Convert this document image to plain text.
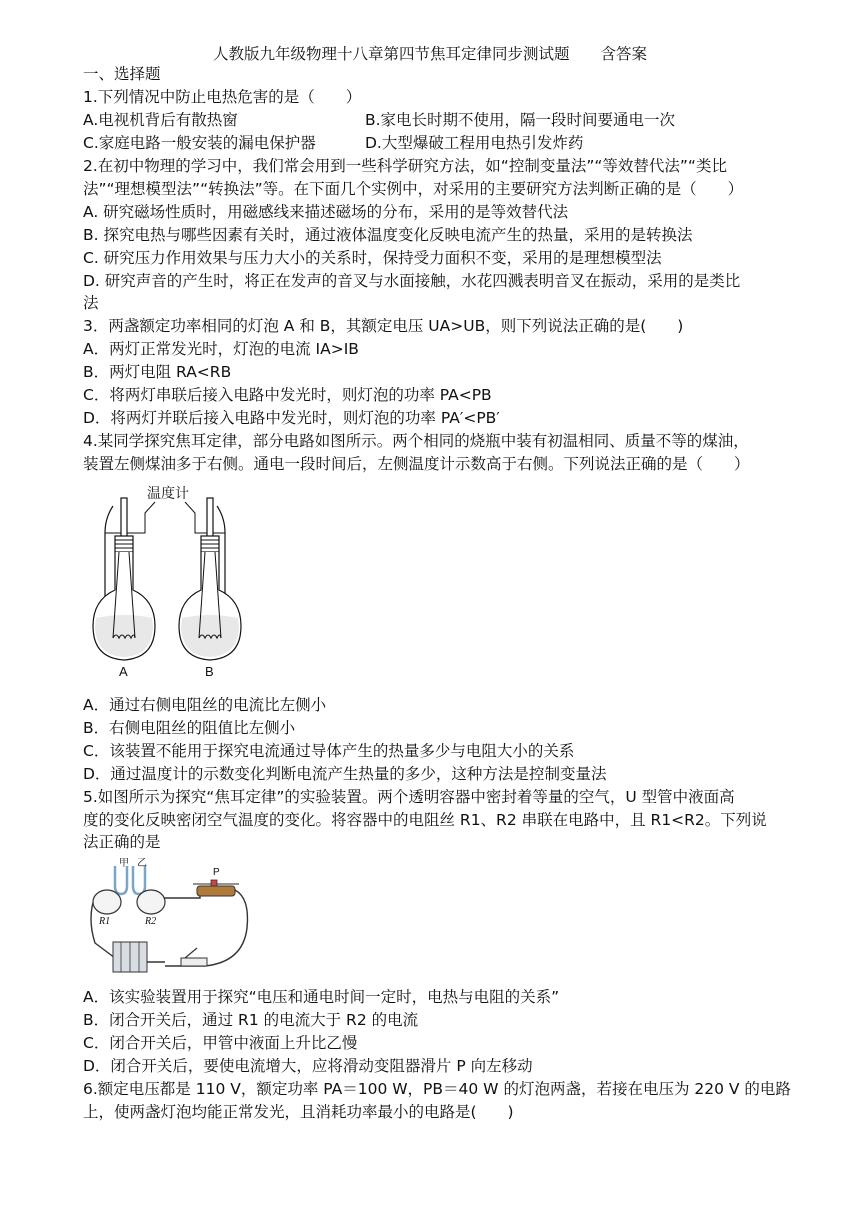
人教版九年级物理十八章第四节焦耳定律同步测试题　　含答案
一、选择题
1.下列情况中防止电热危害的是（　　）
A.电视机背后有散热窗	B.家电长时期不使用，隔一段时间要通电一次
C.家庭电路一般安装的漏电保护器	D.大型爆破工程用电热引发炸药
2.在初中物理的学习中，我们常会用到一些科学研究方法，如“控制变量法”“等效替代法”“类比
法”“理想模型法”“转换法”等。在下面几个实例中，对采用的主要研究方法判断正确的是（　　）
A. 研究磁场性质时，用磁感线来描述磁场的分布，采用的是等效替代法
B. 探究电热与哪些因素有关时，通过液体温度变化反映电流产生的热量，采用的是转换法
C. 研究压力作用效果与压力大小的关系时，保持受力面积不变，采用的是理想模型法
D. 研究声音的产生时，将正在发声的音叉与水面接触，水花四溅表明音叉在振动，采用的是类比
法
3．两盏额定功率相同的灯泡 A 和 B，其额定电压 UA>UB，则下列说法正确的是(　　)
A．两灯正常发光时，灯泡的电流 IA>IB
B．两灯电阻 RA<RB
C．将两灯串联后接入电路中发光时，则灯泡的功率 PA<PB
D．将两灯并联后接入电路中发光时，则灯泡的功率 PA′<PB′
4.某同学探究焦耳定律，部分电路如图所示。两个相同的烧瓶中装有初温相同、质量不等的煤油，
装置左侧煤油多于右侧。通电一段时间后，左侧温度计示数高于右侧。下列说法正确的是（　　）
温度计
A	B
A．通过右侧电阻丝的电流比左侧小
B．右侧电阻丝的阻值比左侧小
C．该装置不能用于探究电流通过导体产生的热量多少与电阻大小的关系
D．通过温度计的示数变化判断电流产生热量的多少，这种方法是控制变量法
5.如图所示为探究“焦耳定律”的实验装置。两个透明容器中密封着等量的空气，U 型管中液面高
度的变化反映密闭空气温度的变化。将容器中的电阻丝 R1、R2 串联在电路中，且 R1<R2。下列说
法正确的是
甲 乙
R1	R2
P
A．该实验装置用于探究“电压和通电时间一定时，电热与电阻的关系”
B．闭合开关后，通过 R1 的电流大于 R2 的电流
C．闭合开关后，甲管中液面上升比乙慢
D．闭合开关后，要使电流增大，应将滑动变阻器滑片 P 向左移动
6.额定电压都是 110 V，额定功率 PA＝100 W，PB＝40 W 的灯泡两盏，若接在电压为 220 V 的电路
上，使两盏灯泡均能正常发光，且消耗功率最小的电路是(　　)
